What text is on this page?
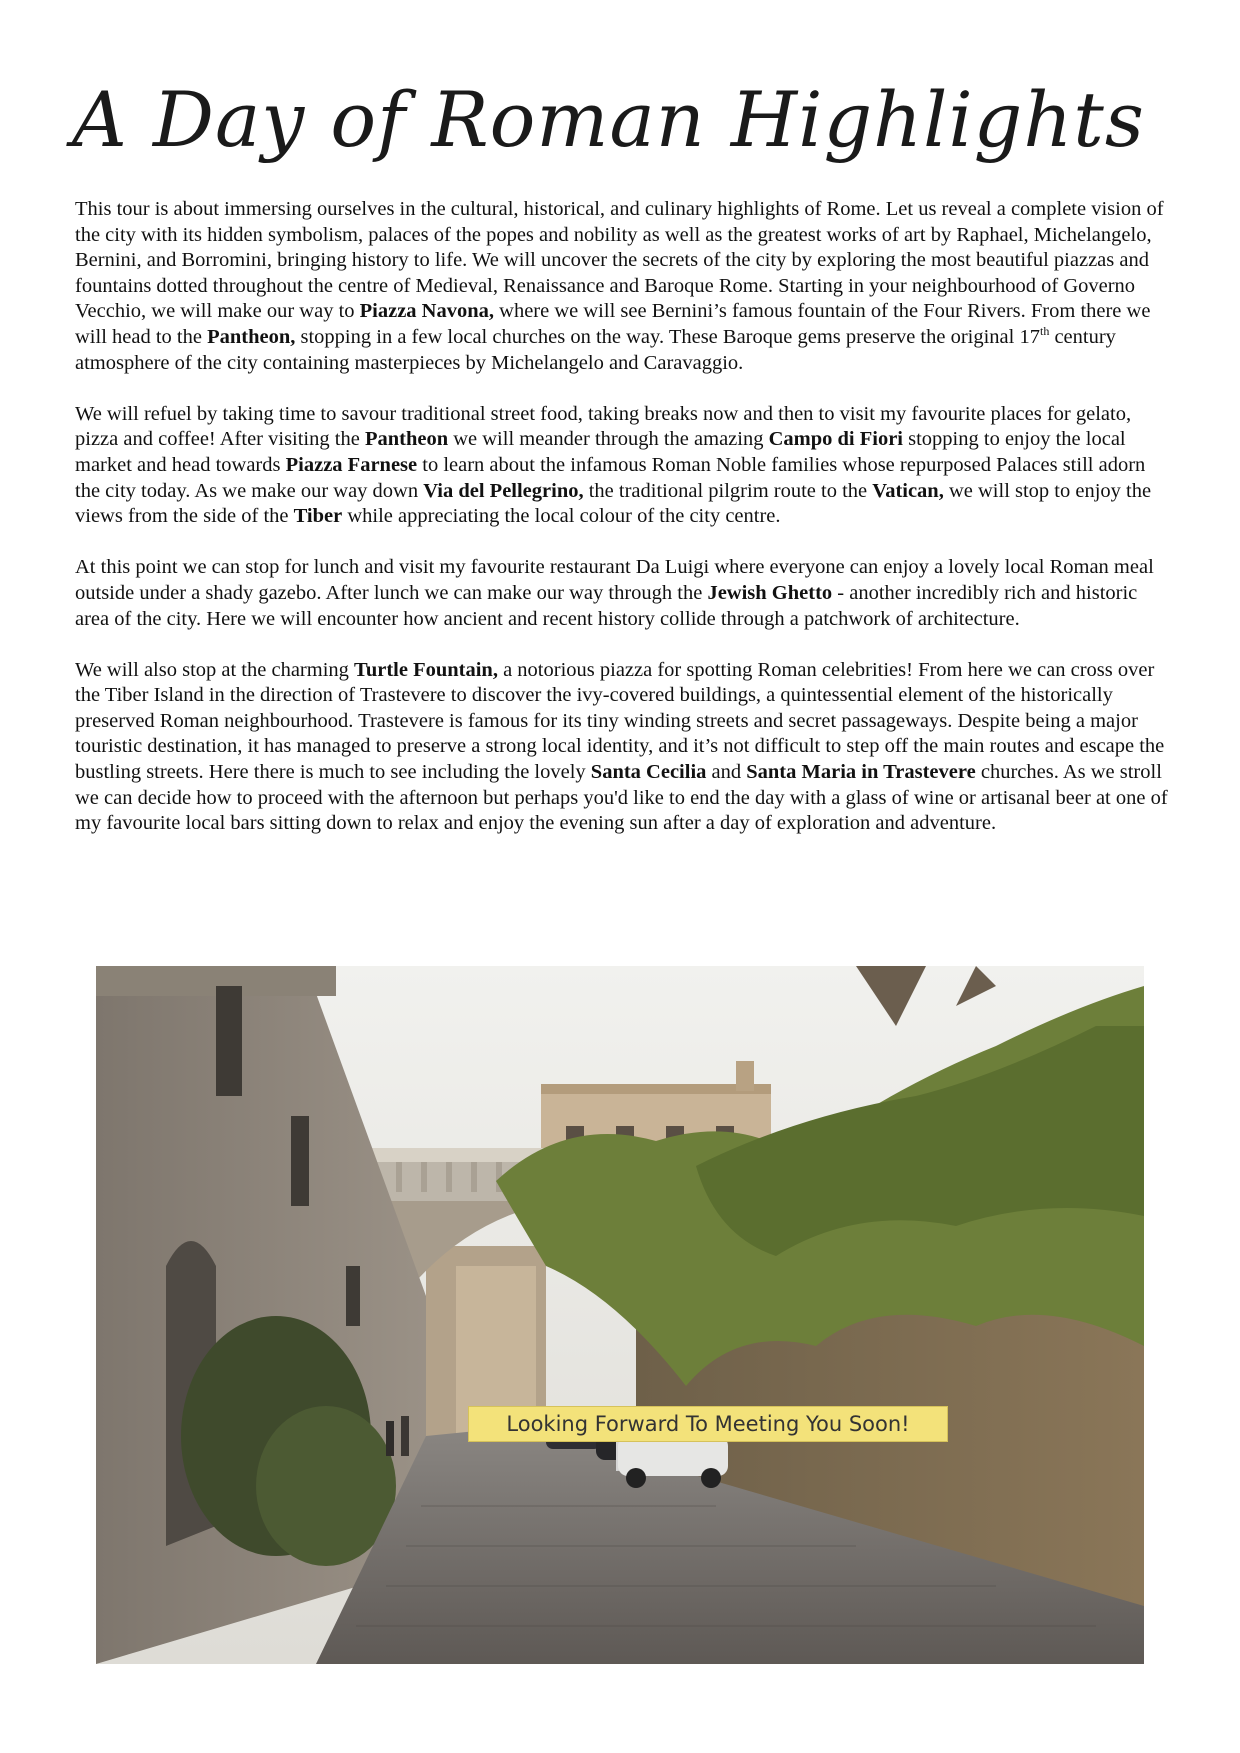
A Day of Roman Highlights

This tour is about immersing ourselves in the cultural, historical, and culinary highlights of Rome. Let us reveal a complete vision of the city with its hidden symbolism, palaces of the popes and nobility as well as the greatest works of art by Raphael, Michelangelo, Bernini, and Borromini, bringing history to life. We will uncover the secrets of the city by exploring the most beautiful piazzas and fountains dotted throughout the centre of Medieval, Renaissance and Baroque Rome. Starting in your neighbourhood of Governo Vecchio, we will make our way to Piazza Navona, where we will see Bernini’s famous fountain of the Four Rivers. From there we will head to the Pantheon, stopping in a few local churches on the way. These Baroque gems preserve the original 17th century atmosphere of the city containing masterpieces by Michelangelo and Caravaggio.

We will refuel by taking time to savour traditional street food, taking breaks now and then to visit my favourite places for gelato, pizza and coffee! After visiting the Pantheon we will meander through the amazing Campo di Fiori stopping to enjoy the local market and head towards Piazza Farnese to learn about the infamous Roman Noble families whose repurposed Palaces still adorn the city today. As we make our way down Via del Pellegrino, the traditional pilgrim route to the Vatican, we will stop to enjoy the views from the side of the Tiber while appreciating the local colour of the city centre.

At this point we can stop for lunch and visit my favourite restaurant Da Luigi where everyone can enjoy a lovely local Roman meal outside under a shady gazebo. After lunch we can make our way through the Jewish Ghetto - another incredibly rich and historic area of the city. Here we will encounter how ancient and recent history collide through a patchwork of architecture.

We will also stop at the charming Turtle Fountain, a notorious piazza for spotting Roman celebrities! From here we can cross over the Tiber Island in the direction of Trastevere to discover the ivy-covered buildings, a quintessential element of the historically preserved Roman neighbourhood. Trastevere is famous for its tiny winding streets and secret passageways. Despite being a major touristic destination, it has managed to preserve a strong local identity, and it’s not difficult to step off the main routes and escape the bustling streets. Here there is much to see including the lovely Santa Cecilia and Santa Maria in Trastevere churches. As we stroll we can decide how to proceed with the afternoon but perhaps you'd like to end the day with a glass of wine or artisanal beer at one of my favourite local bars sitting down to relax and enjoy the evening sun after a day of exploration and adventure.

Looking Forward To Meeting You Soon!
